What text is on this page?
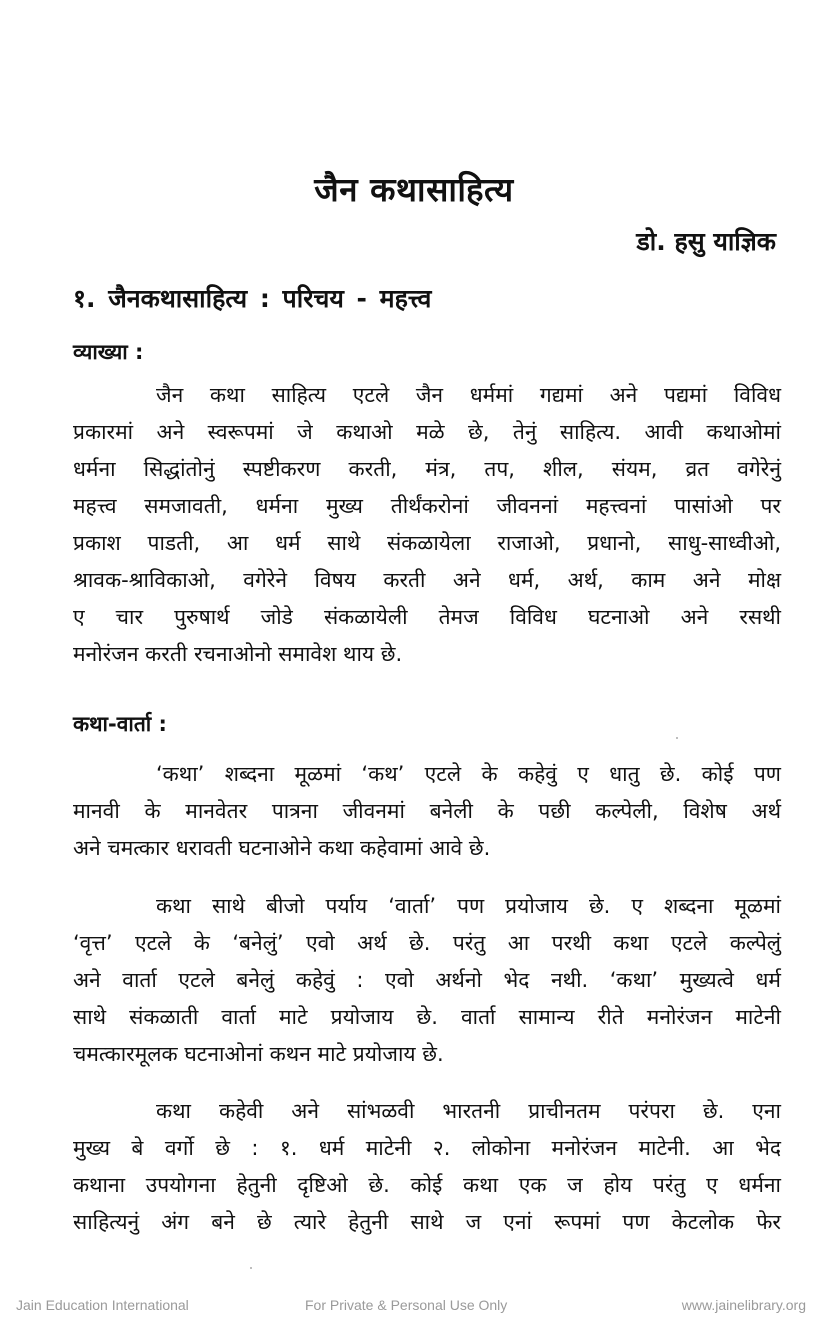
जैन कथासाहित्य
डो. हसु याज्ञिक
१. जैनकथासाहित्य : परिचय - महत्त्व
व्याख्या :
जैन कथा साहित्य एटले जैन धर्ममां गद्यमां अने पद्यमां विविध
प्रकारमां अने स्वरूपमां जे कथाओ मळे छे, तेनुं साहित्य. आवी कथाओमां
धर्मना सिद्धांतोनुं स्पष्टीकरण करती, मंत्र, तप, शील, संयम, व्रत वगेरेनुं
महत्त्व समजावती, धर्मना मुख्य तीर्थंकरोनां जीवननां महत्त्वनां पासांओ पर
प्रकाश पाडती, आ धर्म साथे संकळायेला राजाओ, प्रधानो, साधु-साध्वीओ,
श्रावक-श्राविकाओ, वगेरेने विषय करती अने धर्म, अर्थ, काम अने मोक्ष
ए चार पुरुषार्थ जोडे संकळायेली तेमज विविध घटनाओ अने रसथी
मनोरंजन करती रचनाओनो समावेश थाय छे.
कथा-वार्ता :
‘कथा’ शब्दना मूळमां ‘कथ’ एटले के कहेवुं ए धातु छे. कोई पण
मानवी के मानवेतर पात्रना जीवनमां बनेली के पछी कल्पेली, विशेष अर्थ
अने चमत्कार धरावती घटनाओने कथा कहेवामां आवे छे.
कथा साथे बीजो पर्याय ‘वार्ता’ पण प्रयोजाय छे. ए शब्दना मूळमां
‘वृत्त’ एटले के ‘बनेलुं’ एवो अर्थ छे. परंतु आ परथी कथा एटले कल्पेलुं
अने वार्ता एटले बनेलुं कहेवुं : एवो अर्थनो भेद नथी. ‘कथा’ मुख्यत्वे धर्म
साथे संकळाती वार्ता माटे प्रयोजाय छे. वार्ता सामान्य रीते मनोरंजन माटेनी
चमत्कारमूलक घटनाओनां कथन माटे प्रयोजाय छे.
कथा कहेवी अने सांभळवी भारतनी प्राचीनतम परंपरा छे. एना
मुख्य बे वर्गो छे : १. धर्म माटेनी २. लोकोना मनोरंजन माटेनी. आ भेद
कथाना उपयोगना हेतुनी दृष्टिओ छे. कोई कथा एक ज होय परंतु ए धर्मना
साहित्यनुं अंग बने छे त्यारे हेतुनी साथे ज एनां रूपमां पण केटलोक फेर
Jain Education International	For Private & Personal Use Only	www.jainelibrary.org
